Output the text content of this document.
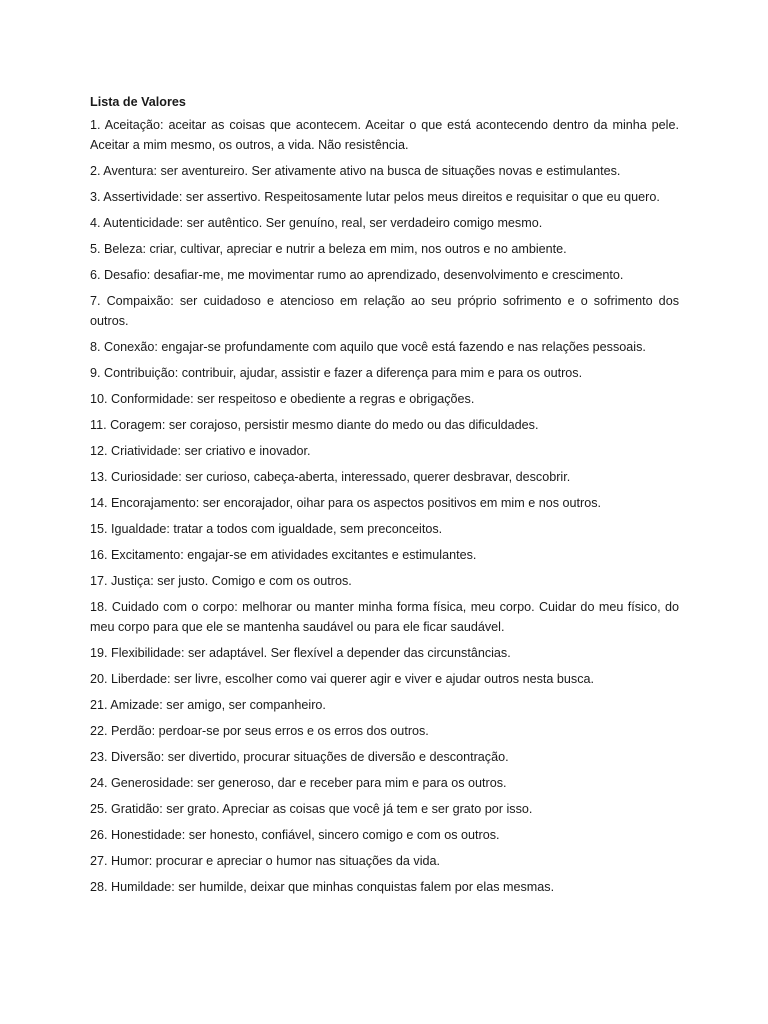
Lista de Valores
1. Aceitação: aceitar as coisas que acontecem. Aceitar o que está acontecendo dentro da minha pele. Aceitar a mim mesmo, os outros, a vida. Não resistência.
2. Aventura: ser aventureiro. Ser ativamente ativo na busca de situações novas e estimulantes.
3. Assertividade: ser assertivo. Respeitosamente lutar pelos meus direitos e requisitar o que eu quero.
4. Autenticidade: ser autêntico. Ser genuíno, real, ser verdadeiro comigo mesmo.
5. Beleza: criar, cultivar, apreciar e nutrir a beleza em mim, nos outros e no ambiente.
6. Desafio: desafiar-me, me movimentar rumo ao aprendizado, desenvolvimento e crescimento.
7. Compaixão: ser cuidadoso e atencioso em relação ao seu próprio sofrimento e o sofrimento dos outros.
8. Conexão: engajar-se profundamente com aquilo que você está fazendo e nas relações pessoais.
9. Contribuição: contribuir, ajudar, assistir e fazer a diferença para mim e para os outros.
10. Conformidade: ser respeitoso e obediente a regras e obrigações.
11. Coragem: ser corajoso, persistir mesmo diante do medo ou das dificuldades.
12. Criatividade: ser criativo e inovador.
13. Curiosidade: ser curioso, cabeça-aberta, interessado, querer desbravar, descobrir.
14. Encorajamento: ser encorajador, oihar para os aspectos positivos em mim e nos outros.
15. Igualdade: tratar a todos com igualdade, sem preconceitos.
16. Excitamento: engajar-se em atividades excitantes e estimulantes.
17. Justiça: ser justo. Comigo e com os outros.
18. Cuidado com o corpo: melhorar ou manter minha forma física, meu corpo. Cuidar do meu físico, do meu corpo para que ele se mantenha saudável ou para ele ficar saudável.
19. Flexibilidade: ser adaptável. Ser flexível a depender das circunstâncias.
20. Liberdade: ser livre, escolher como vai querer agir e viver e ajudar outros nesta busca.
21. Amizade: ser amigo, ser companheiro.
22. Perdão: perdoar-se por seus erros e os erros dos outros.
23. Diversão: ser divertido, procurar situações de diversão e descontração.
24. Generosidade: ser generoso, dar e receber para mim e para os outros.
25. Gratidão: ser grato. Apreciar as coisas que você já tem e ser grato por isso.
26. Honestidade: ser honesto, confiável, sincero comigo e com os outros.
27. Humor: procurar e apreciar o humor nas situações da vida.
28. Humildade: ser humilde, deixar que minhas conquistas falem por elas mesmas.
